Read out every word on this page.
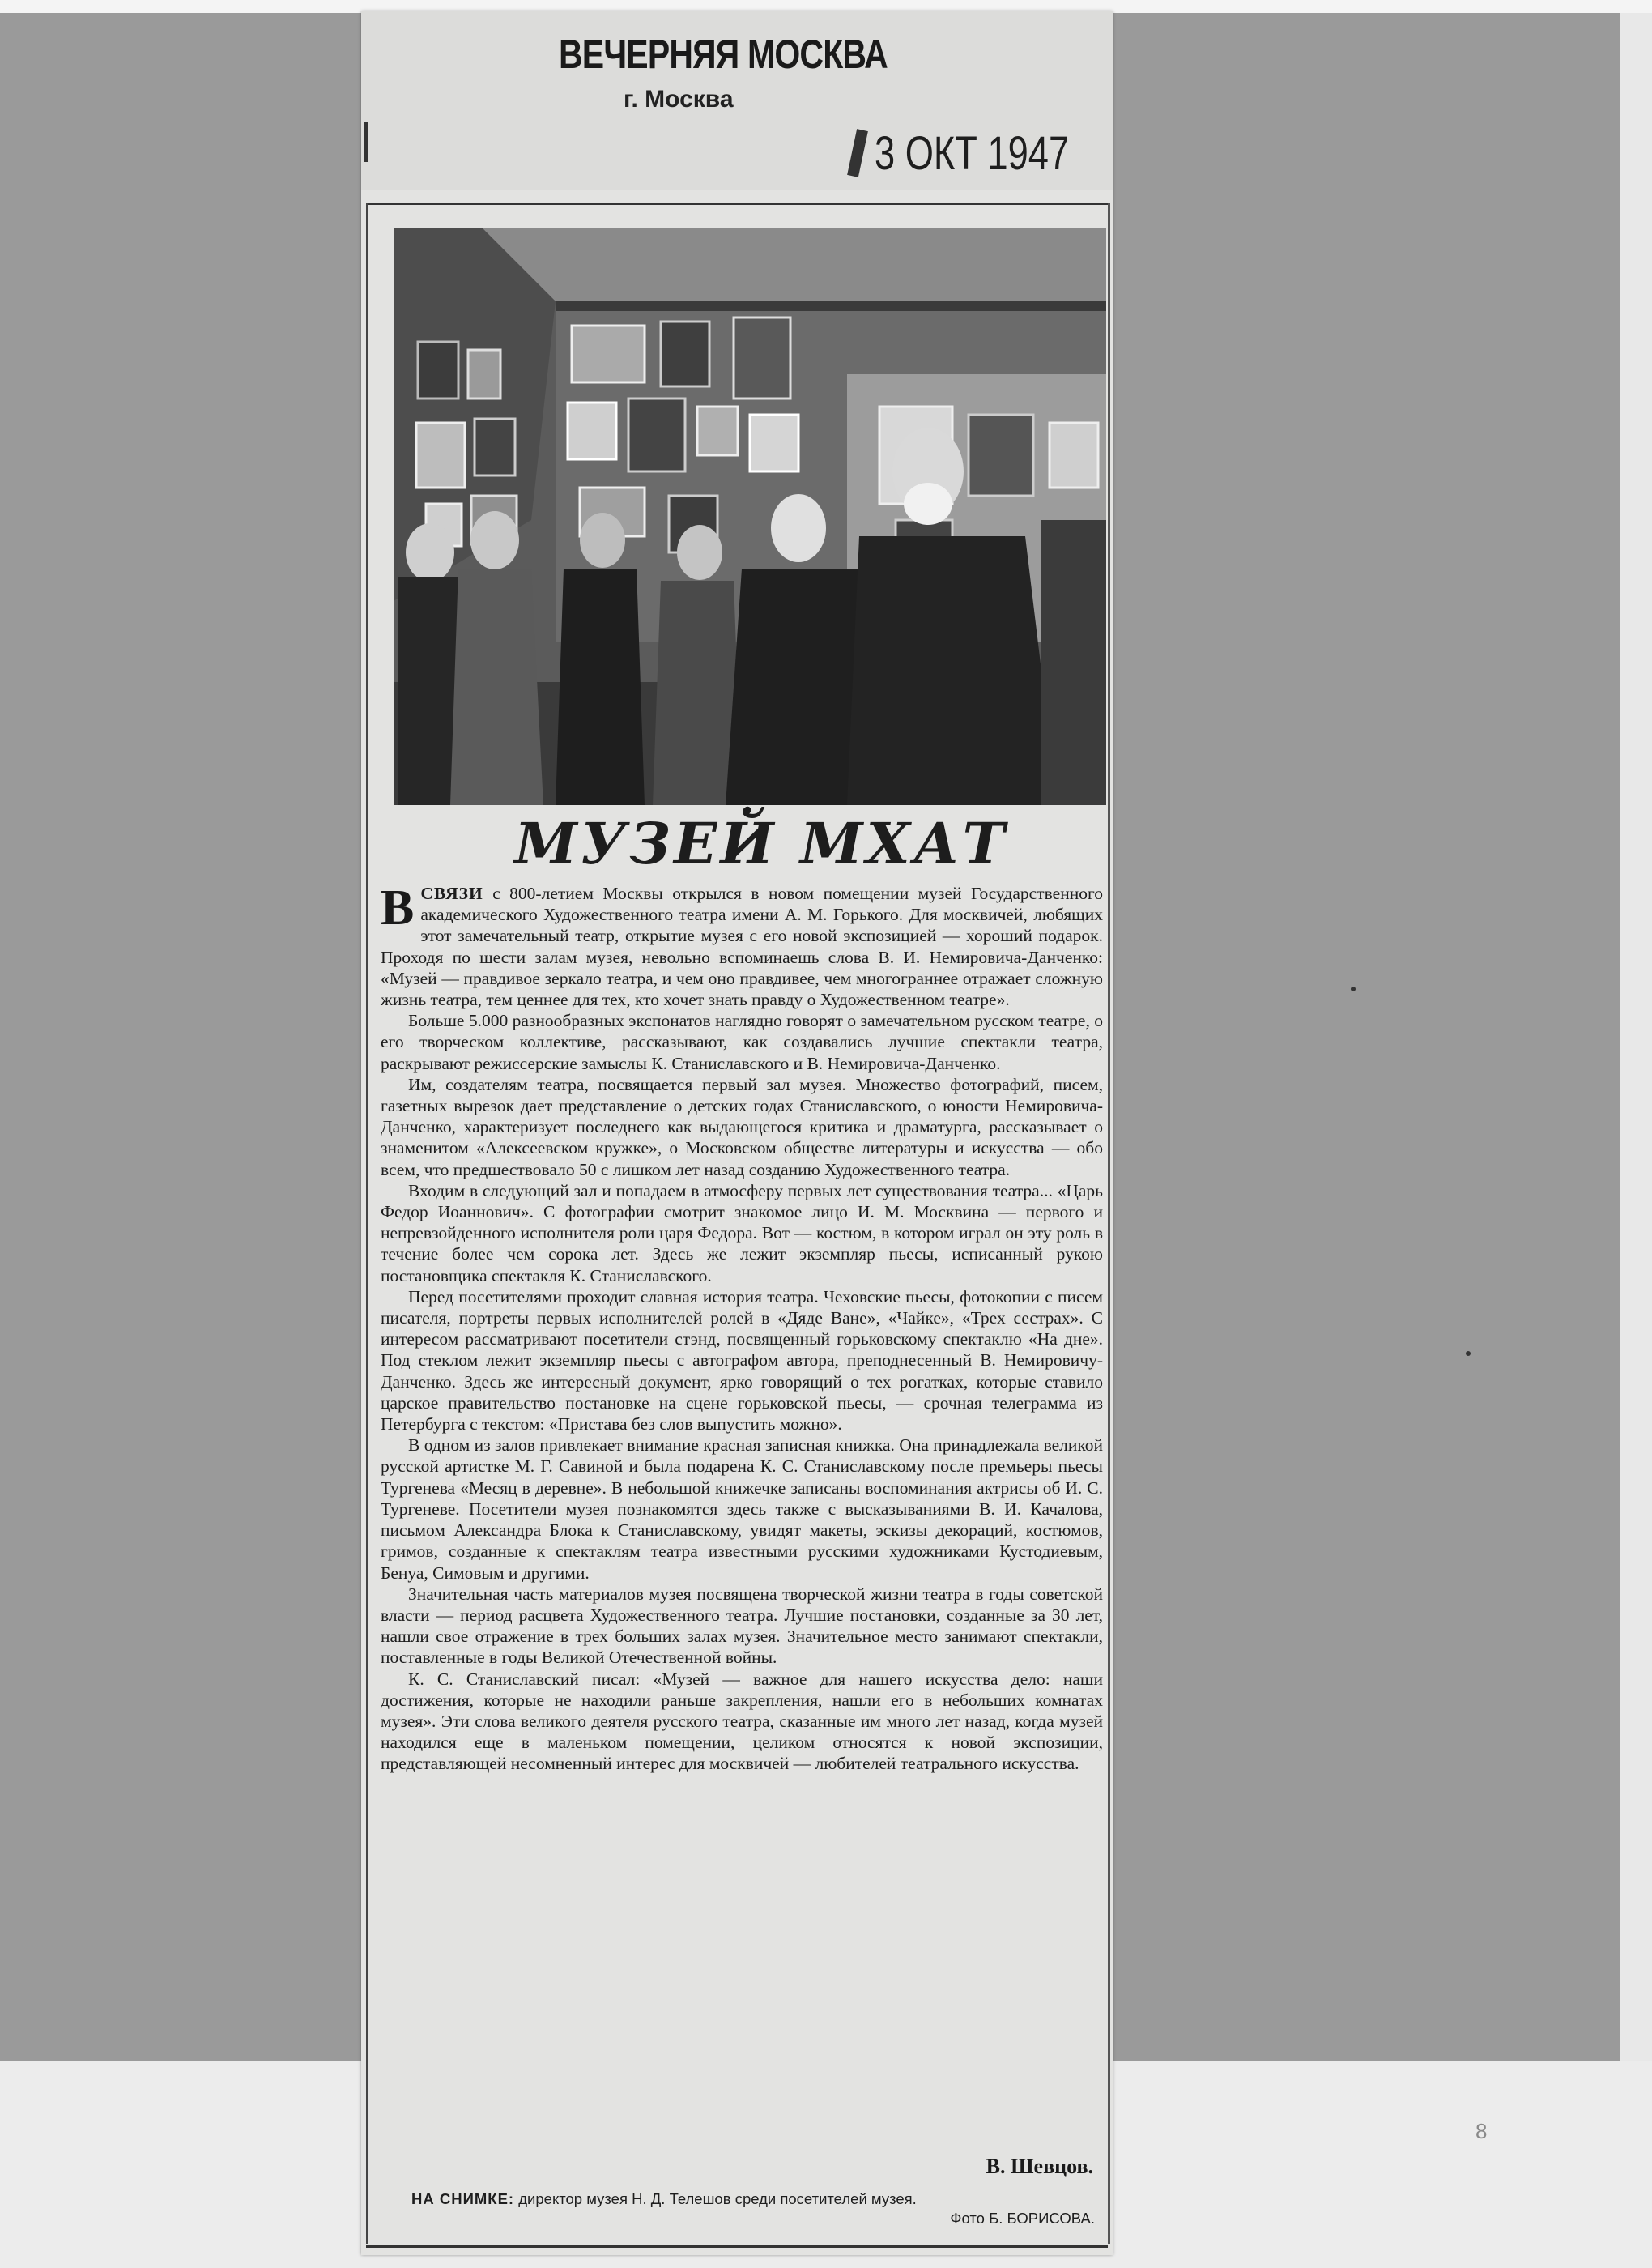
ВЕЧЕРНЯЯ МОСКВА
г. Москва
3 ОКТ 1947
МУЗЕЙ МХАТ

ВСВЯЗИ с 800-летием Москвы открылся в новом помещении музей Государственного академического Художественного театра имени А. М. Горького. Для москвичей, любящих этот замечательный театр, открытие музея с его новой экспозицией — хороший подарок. Проходя по шести залам музея, невольно вспоминаешь слова В. И. Немировича-Данченко: «Музей — правдивое зеркало театра, и чем оно правдивее, чем многограннее отражает сложную жизнь театра, тем ценнее для тех, кто хочет знать правду о Художественном театре».

Больше 5.000 разнообразных экспонатов наглядно говорят о замечательном русском театре, о его творческом коллективе, рассказывают, как создавались лучшие спектакли театра, раскрывают режиссерские замыслы К. Станиславского и В. Немировича-Данченко.

Им, создателям театра, посвящается первый зал музея. Множество фотографий, писем, газетных вырезок дает представление о детских годах Станиславского, о юности Немировича-Данченко, характеризует последнего как выдающегося критика и драматурга, рассказывает о знаменитом «Алексеевском кружке», о Московском обществе литературы и искусства — обо всем, что предшествовало 50 с лишком лет назад созданию Художественного театра.

Входим в следующий зал и попадаем в атмосферу первых лет существования театра... «Царь Федор Иоаннович». С фотографии смотрит знакомое лицо И. М. Москвина — первого и непревзойденного исполнителя роли царя Федора. Вот — костюм, в котором играл он эту роль в течение более чем сорока лет. Здесь же лежит экземпляр пьесы, исписанный рукою постановщика спектакля К. Станиславского.

Перед посетителями проходит славная история театра. Чеховские пьесы, фотокопии с писем писателя, портреты первых исполнителей ролей в «Дяде Ване», «Чайке», «Трех сестрах». С интересом рассматривают посетители стэнд, посвященный горьковскому спектаклю «На дне». Под стеклом лежит экземпляр пьесы с автографом автора, преподнесенный В. Немировичу-Данченко. Здесь же интересный документ, ярко говорящий о тех рогатках, которые ставило царское правительство постановке на сцене горьковской пьесы, — срочная телеграмма из Петербурга с текстом: «Пристава без слов выпустить можно».

В одном из залов привлекает внимание красная записная книжка. Она принадлежала великой русской артистке М. Г. Савиной и была подарена К. С. Станиславскому после премьеры пьесы Тургенева «Месяц в деревне». В небольшой книжечке записаны воспоминания актрисы об И. С. Тургеневе. Посетители музея познакомятся здесь также с высказываниями В. И. Качалова, письмом Александра Блока к Станиславскому, увидят макеты, эскизы декораций, костюмов, гримов, созданные к спектаклям театра известными русскими художниками Кустодиевым, Бенуа, Симовым и другими.

Значительная часть материалов музея посвящена творческой жизни театра в годы советской власти — период расцвета Художественного театра. Лучшие постановки, созданные за 30 лет, нашли свое отражение в трех больших залах музея. Значительное место занимают спектакли, поставленные в годы Великой Отечественной войны.

К. С. Станиславский писал: «Музей — важное для нашего искусства дело: наши достижения, которые не находили раньше закрепления, нашли его в небольших комнатах музея». Эти слова великого деятеля русского театра, сказанные им много лет назад, когда музей находился еще в маленьком помещении, целиком относятся к новой экспозиции, представляющей несомненный интерес для москвичей — любителей театрального искусства.

В. Шевцов.
НА СНИМКЕ: директор музея Н. Д. Телешов среди посетителей музея.
Фото Б. БОРИСОВА.
8
